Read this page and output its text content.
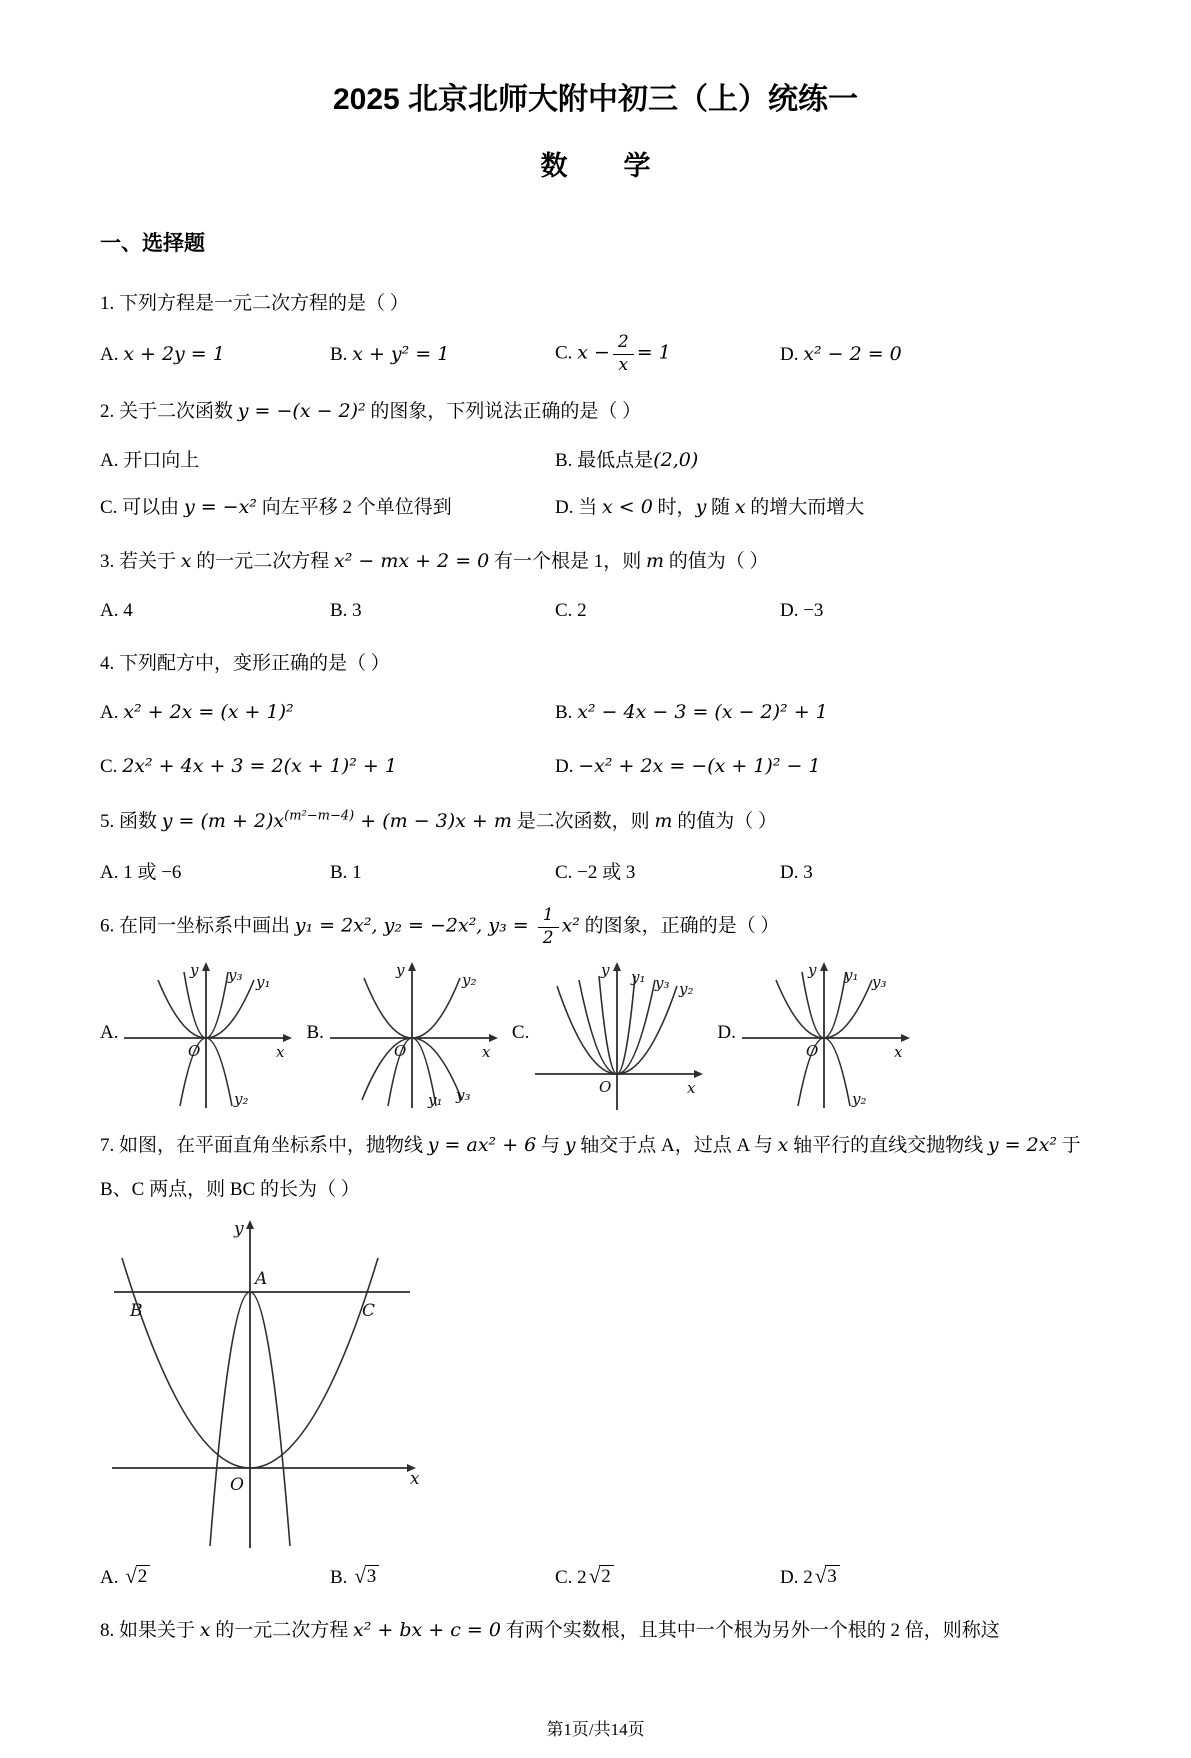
2025 北京北师大附中初三（上）统练一
数学
一、选择题

1. 下列方程是一元二次方程的是（ ）

A. x + 2y = 1	B. x + y² = 1	C. $x - \frac{2}{x} = 1$	D. x² − 2 = 0

2. 关于二次函数 y = −(x − 2)² 的图象，下列说法正确的是（ ）

A. 开口向上	B. 最低点是(2,0)
C. 可以由 y = −x² 向左平移 2 个单位得到	D. 当 x < 0 时，y 随 x 的增大而增大

3. 若关于 x 的一元二次方程 x² − mx + 2 = 0 有一个根是 1，则 m 的值为（ ）

A. 4	B. 3	C. 2	D. −3

4. 下列配方中，变形正确的是（ ）

A. x² + 2x = (x + 1)²	B. x² − 4x − 3 = (x − 2)² + 1
C. 2x² + 4x + 3 = 2(x + 1)² + 1	D. −x² + 2x = −(x + 1)² − 1

5. 函数 $y = (m + 2)x^{(m^2-m-4)} + (m - 3)x + m$ 是二次函数，则 m 的值为（ ）

A. 1 或 −6	B. 1	C. −2 或 3	D. 3

6. 在同一坐标系中画出 y₁ = 2x², y₂ = −2x², $y_3 = \frac{1}{2} x^2$ 的图象，正确的是（ ）

A.
y₃ y₁
y₂
O	x
y
B.
y₂
y₁ y₃
O	x
y
C.
y₁ y₃ y₂
O	x
y
D.
y₁ y₃
y₂
O	x
y

7. 如图，在平面直角坐标系中，抛物线 y = ax² + 6 与 y 轴交于点 A，过点 A 与 x 轴平行的直线交抛物线 y = 2x² 于 B、C 两点，则 BC 的长为（ ）

y
x
A
B	C
O
A. √ 2	B. √ 3	C. 2 √ 2	D. 2 √ 3

8. 如果关于 x 的一元二次方程 x² + bx + c = 0 有两个实数根，且其中一个根为另外一个根的 2 倍，则称这

第1页/共14页
